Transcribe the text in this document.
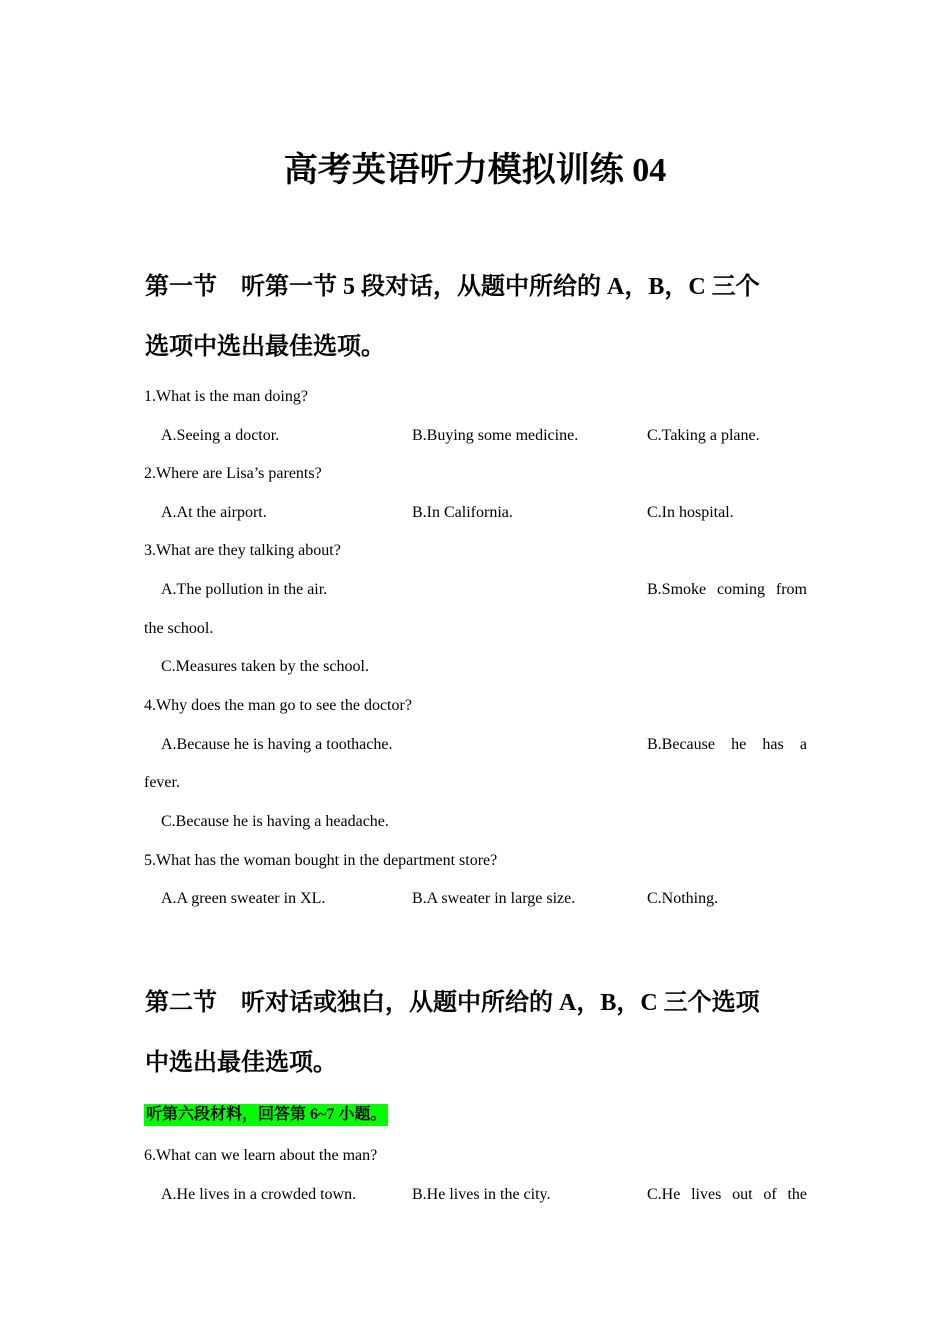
高考英语听力模拟训练 04
第一节　听第一节 5 段对话，从题中所给的 A，B，C 三个
选项中选出最佳选项。
1.What is the man doing?
A.Seeing a doctor.	B.Buying some medicine.	C.Taking a plane.
2.Where are Lisa’s parents?
A.At the airport.	B.In California.	C.In hospital.
3.What are they talking about?
A.The pollution in the air.	B.Smoke coming from
the school.
C.Measures taken by the school.
4.Why does the man go to see the doctor?
A.Because he is having a toothache.	B.Because he has a
fever.
C.Because he is having a headache.
5.What has the woman bought in the department store?
A.A green sweater in XL.	B.A sweater in large size.	C.Nothing.
第二节　听对话或独白，从题中所给的 A，B，C 三个选项
中选出最佳选项。
听第六段材料，回答第 6~7 小题。
6.What can we learn about the man?
A.He lives in a crowded town.	B.He lives in the city.	C.He lives out of the
